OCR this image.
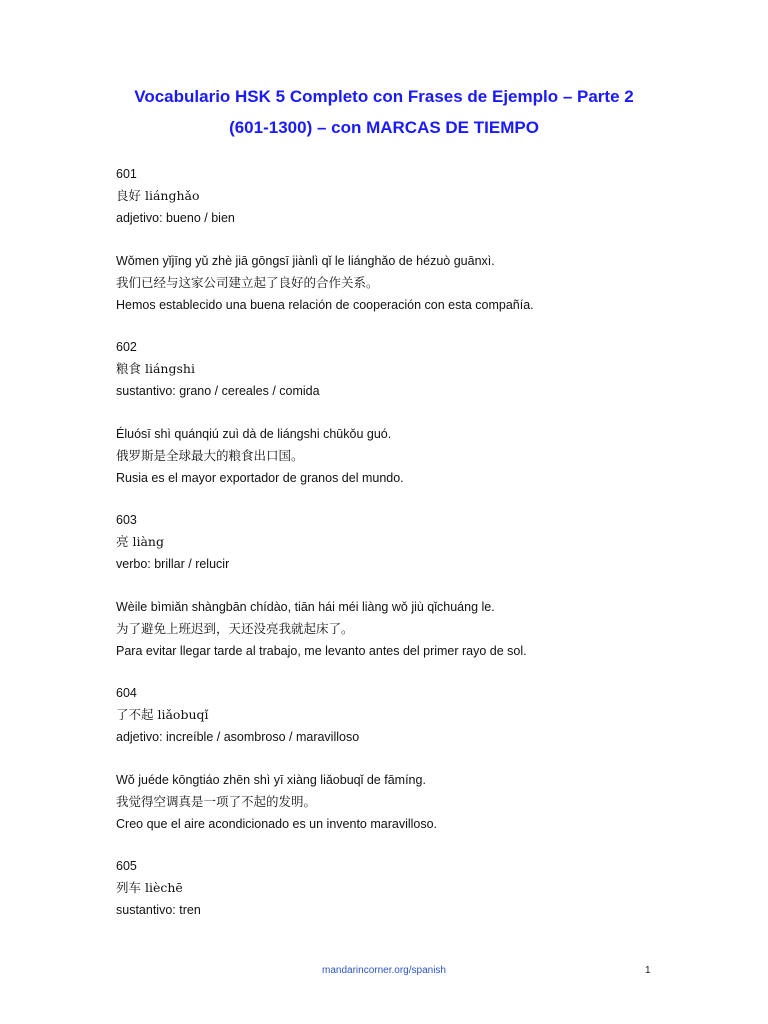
Vocabulario HSK 5 Completo con Frases de Ejemplo – Parte 2
(601-1300) – con MARCAS DE TIEMPO
601
良好 liánghǎo
adjetivo: bueno / bien
Wǒmen yǐjīng yǔ zhè jiā gōngsī jiànlì qǐ le liánghǎo de hézuò guānxì.
我们已经与这家公司建立起了良好的合作关系。
Hemos establecido una buena relación de cooperación con esta compañía.
602
粮食 liángshi
sustantivo: grano / cereales / comida
Éluósī shì quánqiú zuì dà de liángshi chūkǒu guó.
俄罗斯是全球最大的粮食出口国。
Rusia es el mayor exportador de granos del mundo.
603
亮 liàng
verbo: brillar / relucir
Wèile bìmiǎn shàngbān chídào, tiān hái méi liàng wǒ jiù qǐchuáng le.
为了避免上班迟到，天还没亮我就起床了。
Para evitar llegar tarde al trabajo, me levanto antes del primer rayo de sol.
604
了不起 liǎobuqǐ
adjetivo: increíble / asombroso / maravilloso
Wǒ juéde kōngtiáo zhēn shì yī xiàng liǎobuqǐ de fāmíng.
我觉得空调真是一项了不起的发明。
Creo que el aire acondicionado es un invento maravilloso.
605
列车 lièchē
sustantivo: tren
mandarincorner.org/spanish	1
